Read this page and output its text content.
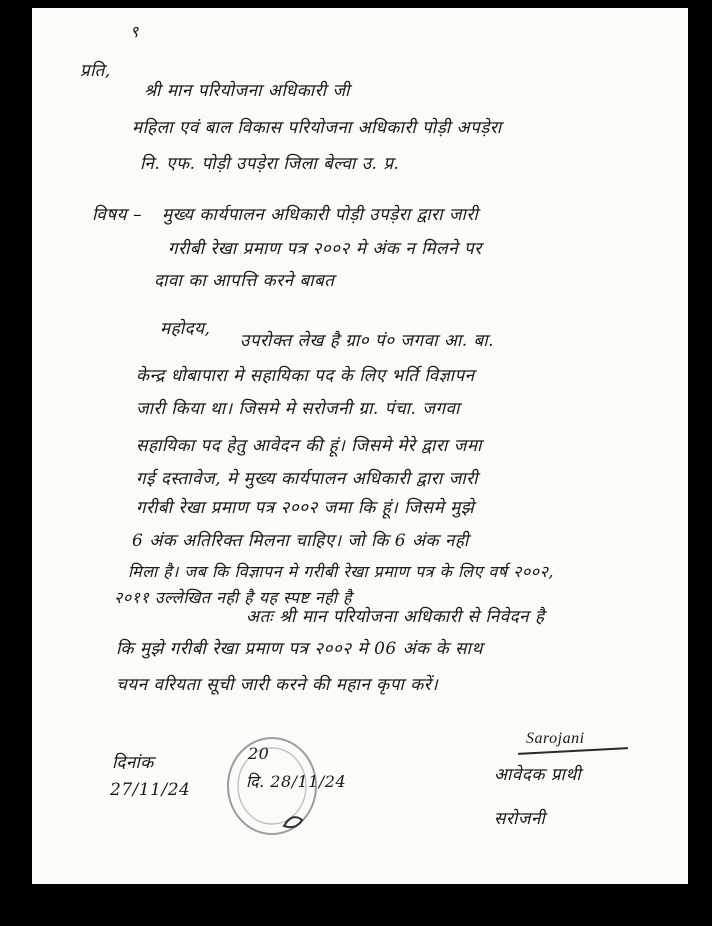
९
प्रति,
श्री मान परियोजना अधिकारी जी
महिला एवं बाल विकास परियोजना अधिकारी पोड़ी अपड़ेरा
नि. एफ. पोड़ी उपड़ेरा जिला बेल्वा उ. प्र.
विषय – मुख्य कार्यपालन अधिकारी पोड़ी उपड़ेरा द्वारा जारी
गरीबी रेखा प्रमाण पत्र २००२ मे अंक न मिलने पर
दावा का आपत्ति करने बाबत
महोदय,
उपरोक्त लेख है ग्रा० पं० जगवा आ. बा.
केन्द्र धोबापारा मे सहायिका पद के लिए भर्ति विज्ञापन
जारी किया था। जिसमे मे सरोजनी ग्रा. पंचा. जगवा
सहायिका पद हेतु आवेदन की हूं। जिसमे मेरे द्वारा जमा
गई दस्तावेज, मे मुख्य कार्यपालन अधिकारी द्वारा जारी
गरीबी रेखा प्रमाण पत्र २००२ जमा कि हूं। जिसमे मुझे
6 अंक अतिरिक्त मिलना चाहिए। जो कि 6 अंक नही
मिला है। जब कि विज्ञापन मे गरीबी रेखा प्रमाण पत्र के लिए वर्ष २००२,
२०११ उल्लेखित नही है यह स्पष्ट नही है
अतः श्री मान परियोजना अधिकारी से निवेदन है
कि मुझे गरीबी रेखा प्रमाण पत्र २००२ मे 06 अंक के साथ
चयन वरियता सूची जारी करने की महान कृपा करें।
दिनांक
27/11/24
20
दि. 28/11/24
Sarojani
आवेदक प्राथी
सरोजनी
